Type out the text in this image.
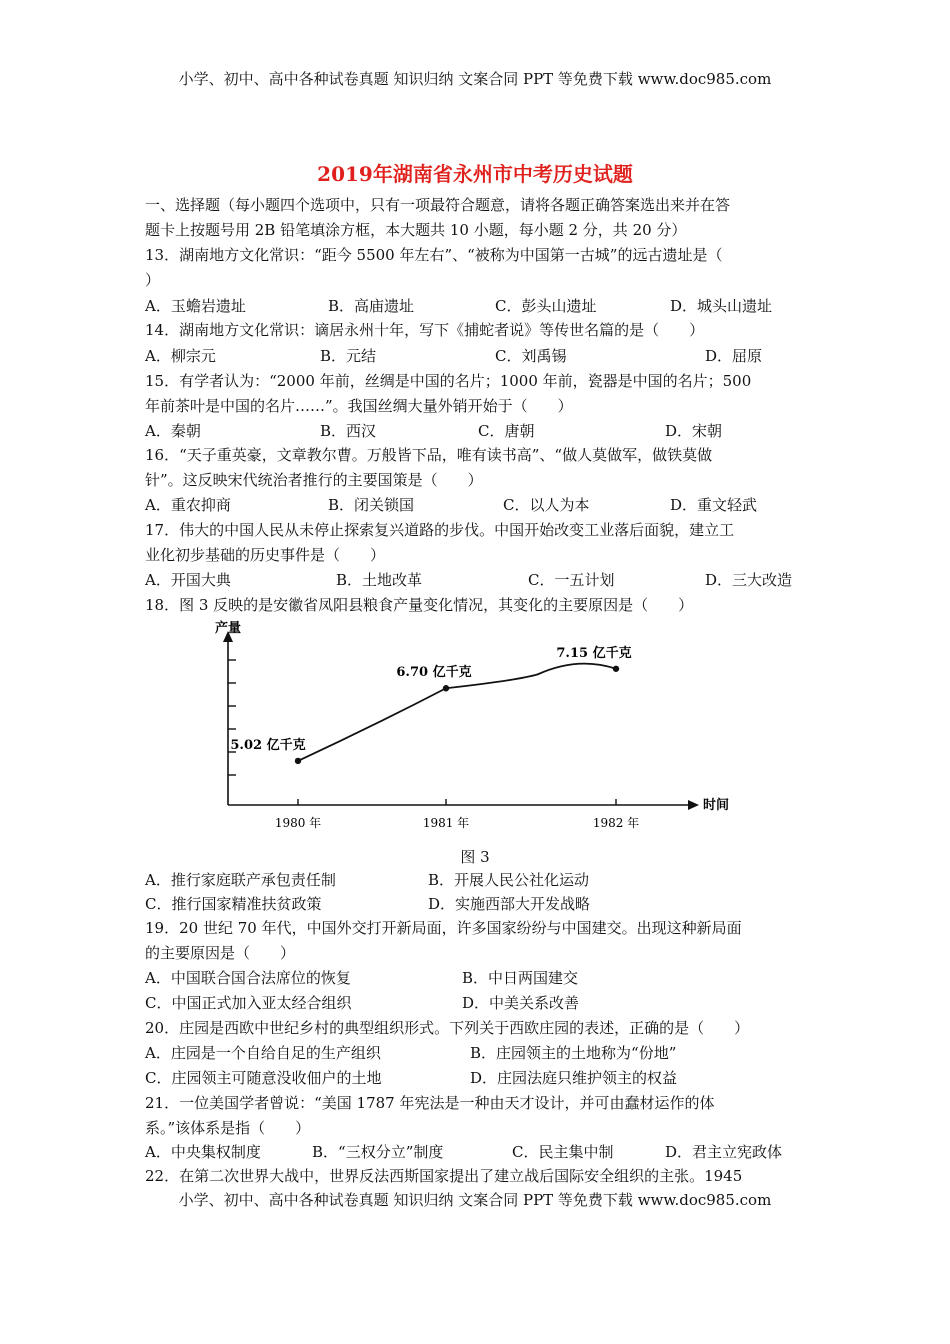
小学、初中、高中各种试卷真题 知识归纳 文案合同 PPT 等免费下载 www.doc985.com
2019年湖南省永州市中考历史试题
一、选择题（每小题四个选项中，只有一项最符合题意，请将各题正确答案选出来并在答
题卡上按题号用 2B 铅笔填涂方框，本大题共 10 小题，每小题 2 分，共 20 分）
13．湖南地方文化常识：“距今 5500 年左右”、“被称为中国第一古城”的远古遗址是（
）
A．玉蟾岩遗址	B．高庙遗址	C．彭头山遗址	D．城头山遗址
14．湖南地方文化常识：谪居永州十年，写下《捕蛇者说》等传世名篇的是（　　）
A．柳宗元	B．元结	C．刘禹锡	D．屈原
15．有学者认为：“2000 年前，丝绸是中国的名片；1000 年前，瓷器是中国的名片；500
年前茶叶是中国的名片……”。我国丝绸大量外销开始于（　　）
A．秦朝	B．西汉	C．唐朝	D．宋朝
16．“天子重英豪，文章教尔曹。万般皆下品，唯有读书高”、“做人莫做军，做铁莫做
针”。这反映宋代统治者推行的主要国策是（　　）
A．重农抑商	B．闭关锁国	C．以人为本	D．重文轻武
17．伟大的中国人民从未停止探索复兴道路的步伐。中国开始改变工业落后面貌，建立工
业化初步基础的历史事件是（　　）
A．开国大典	B．土地改革	C．一五计划	D．三大改造
18．图 3 反映的是安徽省凤阳县粮食产量变化情况，其变化的主要原因是（　　）
1980 年	1981 年	1982 年
5.02 亿千克
6.70 亿千克
7.15 亿千克
产量
时间
图 3
A．推行家庭联产承包责任制	B．开展人民公社化运动
C．推行国家精准扶贫政策	D．实施西部大开发战略
19．20 世纪 70 年代，中国外交打开新局面，许多国家纷纷与中国建交。出现这种新局面
的主要原因是（　　）
A．中国联合国合法席位的恢复	B．中日两国建交
C．中国正式加入亚太经合组织	D．中美关系改善
20．庄园是西欧中世纪乡村的典型组织形式。下列关于西欧庄园的表述，正确的是（　　）
A．庄园是一个自给自足的生产组织	B．庄园领主的土地称为“份地”
C．庄园领主可随意没收佃户的土地	D．庄园法庭只维护领主的权益
21．一位美国学者曾说：“美国 1787 年宪法是一种由天才设计，并可由蠢材运作的体
系。”该体系是指（　　）
A．中央集权制度	B．“三权分立”制度	C．民主集中制	D．君主立宪政体
22．在第二次世界大战中，世界反法西斯国家提出了建立战后国际安全组织的主张。1945
小学、初中、高中各种试卷真题 知识归纳 文案合同 PPT 等免费下载 www.doc985.com
